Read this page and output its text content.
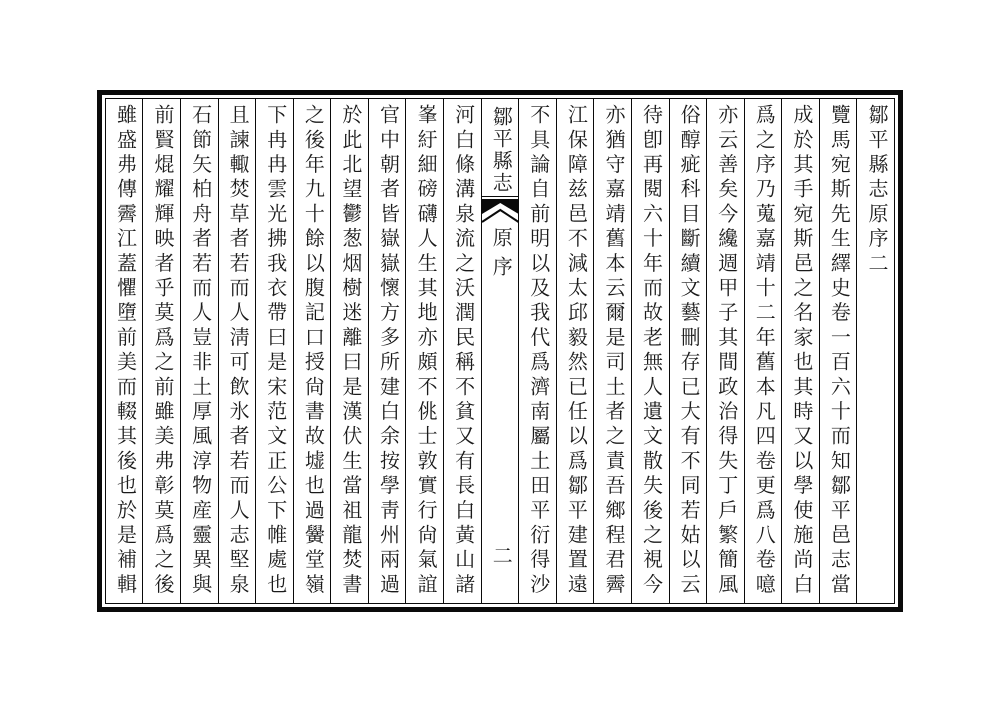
鄒平縣志原序二
覽馬宛斯先生繹史卷一百六十而知鄒平邑志當
成於其手宛斯邑之名家也其時又以學使施尚白
爲之序乃蒐嘉靖十二年舊本凡四卷更爲八卷噫
亦云善矣今纔週甲子其間政治得失丁戶繁簡風
俗醇疵科目斷續文藝刪存已大有不同若姑以云
待卽再閱六十年而故老無人遺文散失後之視今
亦猶守嘉靖舊本云爾是司土者之責吾鄉程君霽
江保障兹邑不減太邱毅然已任以爲鄒平建置遠
不具論自前明以及我代爲濟南屬土田平衍得沙
鄒平縣志
原序
二
河白條溝泉流之沃潤民稱不貧又有長白黃山諸
峯紆細磅礴人生其地亦頗不佻士敦實行尙氣誼
官中朝者皆嶽嶽懷方多所建白余按學靑州兩過
於此北望鬱葱烟樹迷離曰是漢伏生當祖龍焚書
之後年九十餘以腹記口授尙書故墟也過黌堂嶺
下冉冉雲光拂我衣帶曰是宋范文正公下帷處也
且諫輙焚草者若而人淸可飲氷者若而人志堅泉
石節矢柏舟者若而人豈非土厚風淳物産靈異與
前賢焜耀輝映者乎莫爲之前雖美弗彰莫爲之後
雖盛弗傳霽江蓋懼墮前美而輟其後也於是補輯
